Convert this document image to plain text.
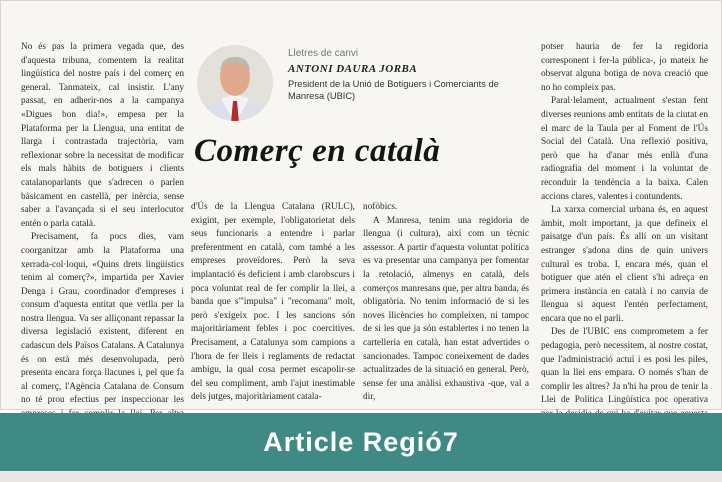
No és pas la primera vegada que, des d'aquesta tribuna, comentem la realitat lingüística del nostre país i del comerç en general. Tanmateix, cal insistir. L'any passat, en adherir-nos a la campanya «Digues bon dia!», empesa per la Plataforma per la Llengua, una entitat de llarga i contrastada trajectòria, vam reflexionar sobre la necessitat de modificar els mals hàbits de botiguers i clients catalanoparlants que s'adrecen o parlen bàsicament en castellà, per inèrcia, sense saber a l'avançada si el seu interlocutor entén o parla català.

Precisament, fa pocs dies, vam coorganitzar amb la Plataforma una xerrada-col·loqui, «Quins drets lingüístics tenim al comerç?», impartida per Xavier Denga i Grau, coordinador d'empreses i consum d'aquesta entitat que vetlla per la nostra llengua. Va ser alliçonant repassar la diversa legislació existent, diferent en cadascun dels Països Catalans. A Catalunya és on està més desenvolupada, però presenta encara força llacunes i, pel que fa al comerç, l'Agència Catalana de Consum no té prou efectius per inspeccionar les

Lletres de canvi
ANTONI DAURA JORBA
President de la Unió de Botiguers i Comerciants de Manresa (UBIC)
Comerç en català

d'Ús de la Llengua Catalana (RULC), exigint, per exemple, l'obligatorietat dels seus funcionaris a entendre i parlar preferentment en català, com també a les empreses proveïdores. Però la seva implantació és deficient i amb clarobscurs i poca voluntat real de fer complir la llei, a banda que s'"impulsa" i "recomana" molt, però s'exigeix poc. I les sancions són majoritàriament febles i poc coercitives. Precisament, a Catalunya som campions a l'hora de fer lleis i reglaments de redactat ambigu, la qual cosa permet escapolir-se del seu compliment, amb l'ajut inestimable dels jutges, majoritàriament catala-

nofòbics.

A Manresa, tenim una regidoria de llengua (i cultura), així com un tècnic assessor. A partir d'aquesta voluntat política es va presentar una campanya per fomentar la retolació, almenys en català, dels comerços manresans que, per altra banda, és obligatòria. No tenim informació de si les noves llicències ho compleixen, ni tampoc de si les que ja són establertes i no tenen la cartelleria en català, han estat advertides o sancionades. Tampoc coneixement de dades actualitzades de la situació en general. Però, sense fer una anàlisi exhaustiva -que, val a dir,

potser hauria de fer la regidoria corresponent i fer-la pública-, jo mateix he observat alguna botiga de nova creació que no ho compleix pas.

Paral·lelament, actualment s'estan fent diverses reunions amb entitats de la ciutat en el marc de la Taula per al Foment de l'Ús Social del Català. Una reflexió positiva, però que ha d'anar més enllà d'una radiografia del moment i la voluntat de reconduir la tendència a la baixa. Calen accions clares, valentes i contundents.

La xarxa comercial urbana és, en aquest àmbit, molt important, ja que defineix el paisatge d'un país. És allí on un visitant estranger s'adona dins de quin univers cultural es troba. I, encara més, quan el botiguer que atén el client s'hi adreça en primera instància en català i no canvia de llengua si aquest l'entén perfectament, encara que no el parli.

Des de l'UBIC ens comprometem a fer pedagogia, però necessitem, al nostre costat, que l'administració actuï i es posi les piles, quan la llei ens empara. O només s'han de complir les altres? Ja n'hi ha prou de tenir la Llei de Política Lingüística poc operativa

Article Regió7
